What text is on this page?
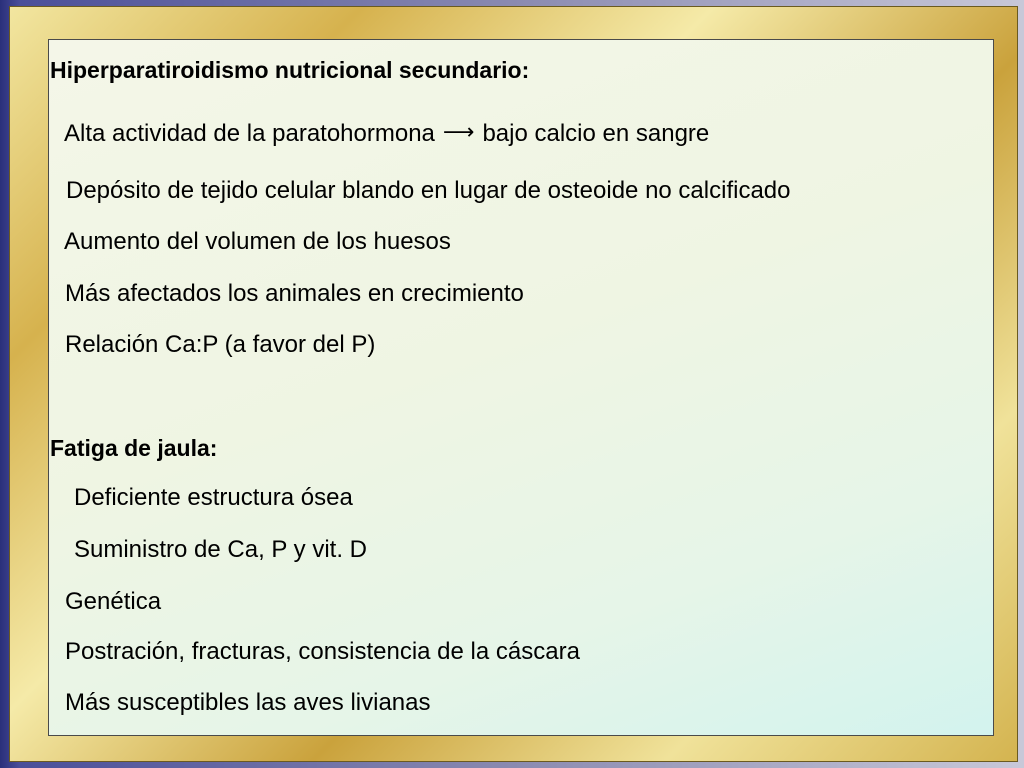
Hiperparatiroidismo nutricional secundario:
Alta actividad de la paratohormona ⟶ bajo calcio en sangre
Depósito de tejido celular blando en lugar de osteoide no calcificado
Aumento del volumen de los huesos
Más afectados los animales en crecimiento
Relación Ca:P (a favor del P)
Fatiga de jaula:
Deficiente estructura ósea
Suministro de Ca, P y vit. D
Genética
Postración, fracturas, consistencia de la cáscara
Más susceptibles las aves livianas
